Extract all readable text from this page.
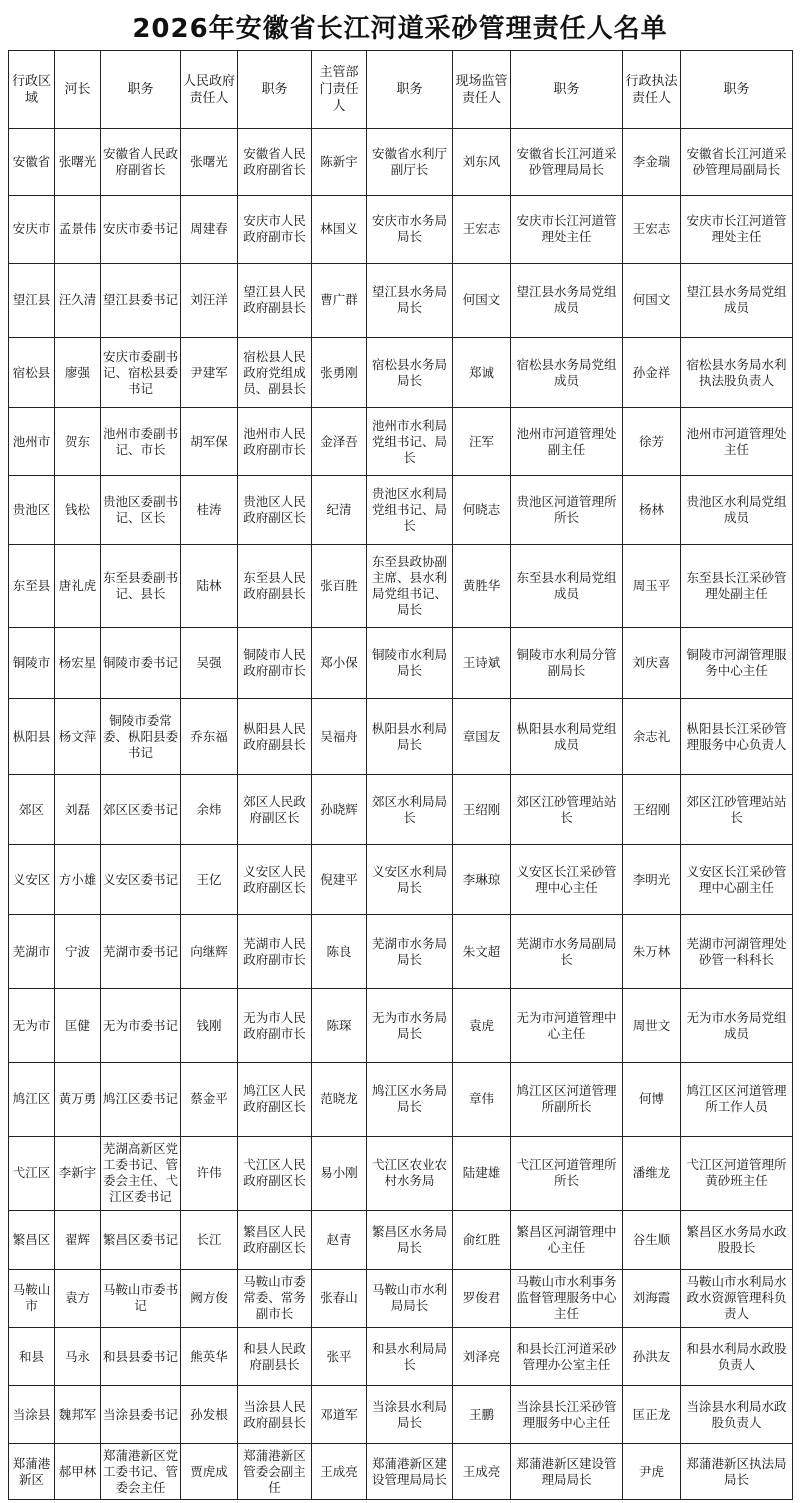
2026年安徽省长江河道采砂管理责任人名单
行政区域	河长	职务	人民政府责任人	职务	主管部门责任人	职务	现场监管责任人	职务	行政执法责任人	职务
安徽省	张曙光	安徽省人民政府副省长	张曙光	安徽省人民政府副省长	陈新宇	安徽省水利厅副厅长	刘东风	安徽省长江河道采砂管理局局长	李金瑞	安徽省长江河道采砂管理局副局长
安庆市	孟景伟	安庆市委书记	周建春	安庆市人民政府副市长	林国义	安庆市水务局局长	王宏志	安庆市长江河道管理处主任	王宏志	安庆市长江河道管理处主任
望江县	汪久清	望江县委书记	刘汪洋	望江县人民政府副县长	曹广群	望江县水务局局长	何国文	望江县水务局党组成员	何国文	望江县水务局党组成员
宿松县	廖强	安庆市委副书记、宿松县委书记	尹建军	宿松县人民政府党组成员、副县长	张勇刚	宿松县水务局局长	郑诚	宿松县水务局党组成员	孙金祥	宿松县水务局水利执法股负责人
池州市	贺东	池州市委副书记、市长	胡军保	池州市人民政府副市长	金泽吾	池州市水利局党组书记、局长	汪军	池州市河道管理处副主任	徐芳	池州市河道管理处主任
贵池区	钱松	贵池区委副书记、区长	桂涛	贵池区人民政府副区长	纪清	贵池区水利局党组书记、局长	何晓志	贵池区河道管理所所长	杨林	贵池区水利局党组成员
东至县	唐礼虎	东至县委副书记、县长	陆林	东至县人民政府副县长	张百胜	东至县政协副主席、县水利局党组书记、局长	黄胜华	东至县水利局党组成员	周玉平	东至县长江采砂管理处副主任
铜陵市	杨宏星	铜陵市委书记	吴强	铜陵市人民政府副市长	郑小保	铜陵市水利局局长	王诗斌	铜陵市水利局分管副局长	刘庆喜	铜陵市河湖管理服务中心主任
枞阳县	杨文萍	铜陵市委常委、枞阳县委书记	乔东福	枞阳县人民政府副县长	吴福舟	枞阳县水利局局长	章国友	枞阳县水利局党组成员	余志礼	枞阳县长江采砂管理服务中心负责人
郊区	刘磊	郊区区委书记	余炜	郊区人民政府副区长	孙晓辉	郊区水利局局长	王绍刚	郊区江砂管理站站长	王绍刚	郊区江砂管理站站长
义安区	方小雄	义安区委书记	王亿	义安区人民政府副区长	倪建平	义安区水利局局长	李琳琼	义安区长江采砂管理中心主任	李明光	义安区长江采砂管理中心副主任
芜湖市	宁波	芜湖市委书记	向继辉	芜湖市人民政府副市长	陈良	芜湖市水务局局长	朱文超	芜湖市水务局副局长	朱万林	芜湖市河湖管理处砂管一科科长
无为市	匡健	无为市委书记	钱刚	无为市人民政府副市长	陈琛	无为市水务局局长	袁虎	无为市河道管理中心主任	周世文	无为市水务局党组成员
鸠江区	黄万勇	鸠江区委书记	蔡金平	鸠江区人民政府副区长	范晓龙	鸠江区水务局局长	章伟	鸠江区区河道管理所副所长	何博	鸠江区区河道管理所工作人员
弋江区	李新宇	芜湖高新区党工委书记、管委会主任、弋江区委书记	许伟	弋江区人民政府副区长	易小刚	弋江区农业农村水务局	陆建雄	弋江区河道管理所所长	潘维龙	弋江区河道管理所黄砂班主任
繁昌区	翟辉	繁昌区委书记	长江	繁昌区人民政府副区长	赵青	繁昌区水务局局长	俞红胜	繁昌区河湖管理中心主任	谷生顺	繁昌区水务局水政股股长
马鞍山市	袁方	马鞍山市委书记	阙方俊	马鞍山市委常委、常务副市长	张春山	马鞍山市水利局局长	罗俊君	马鞍山市水利事务监督管理服务中心主任	刘海霞	马鞍山市水利局水政水资源管理科负责人
和县	马永	和县县委书记	熊英华	和县人民政府副县长	张平	和县水利局局长	刘泽亮	和县长江河道采砂管理办公室主任	孙洪友	和县水利局水政股负责人
当涂县	魏邦军	当涂县委书记	孙发根	当涂县人民政府副县长	邓道军	当涂县水利局局长	王鹏	当涂县长江采砂管理服务中心主任	匡正龙	当涂县水利局水政股负责人
郑蒲港新区	郝甲林	郑蒲港新区党工委书记、管委会主任	贾虎成	郑蒲港新区管委会副主任	王成亮	郑蒲港新区建设管理局局长	王成亮	郑蒲港新区建设管理局局长	尹虎	郑蒲港新区执法局局长
